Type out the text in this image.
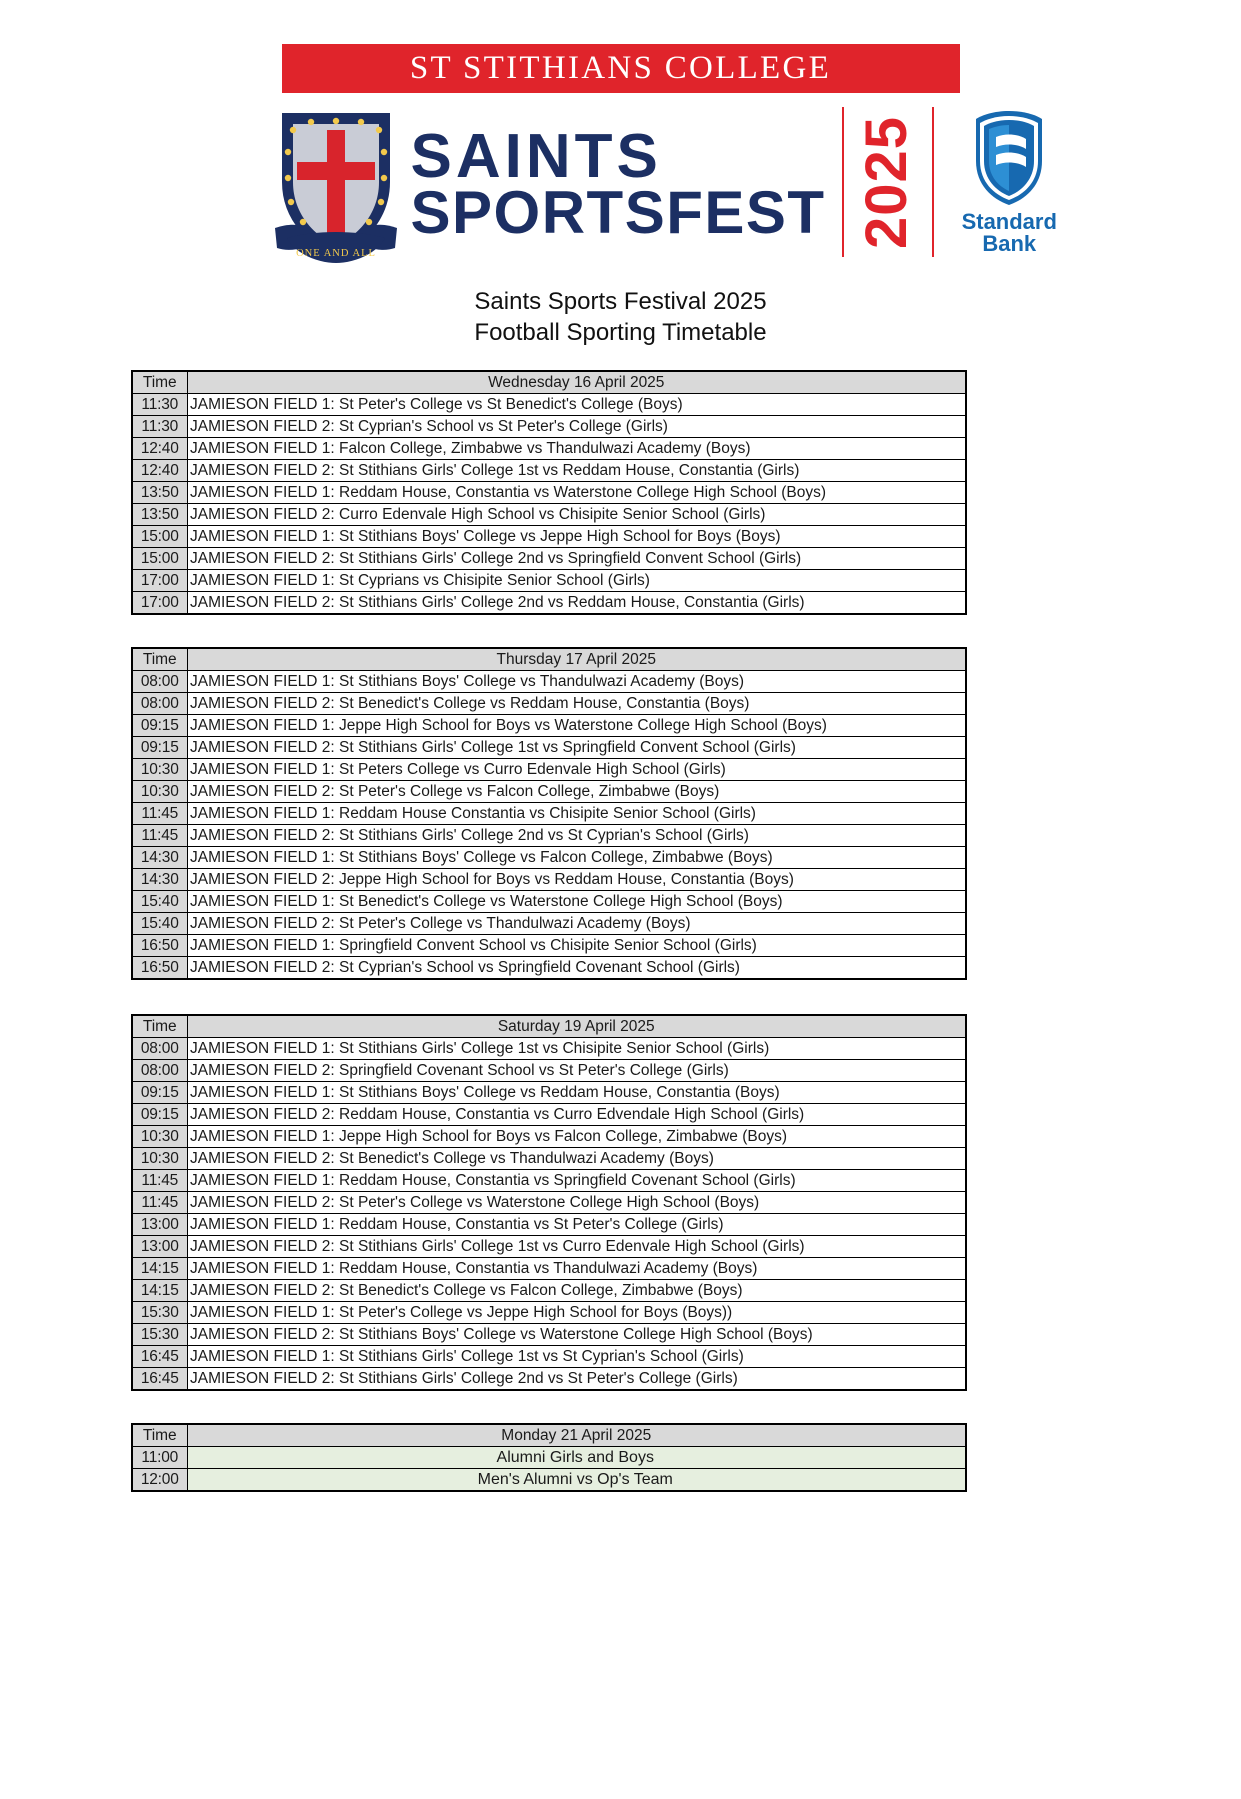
ST STITHIANS COLLEGE
ONE AND ALL
SAINTS
SPORTSFEST 2025 Standard
Bank
Saints Sports Festival 2025
Football Sporting Timetable
Time	Wednesday 16 April 2025
11:30	JAMIESON FIELD 1: St Peter's College vs St Benedict's College (Boys)
11:30	JAMIESON FIELD 2: St Cyprian's School vs St Peter's College (Girls)
12:40	JAMIESON FIELD 1: Falcon College, Zimbabwe vs Thandulwazi Academy (Boys)
12:40	JAMIESON FIELD 2: St Stithians Girls' College 1st vs Reddam House, Constantia (Girls)
13:50	JAMIESON FIELD 1: Reddam House, Constantia vs Waterstone College High School (Boys)
13:50	JAMIESON FIELD 2: Curro Edenvale High School vs Chisipite Senior School (Girls)
15:00	JAMIESON FIELD 1: St Stithians Boys' College vs Jeppe High School for Boys (Boys)
15:00	JAMIESON FIELD 2: St Stithians Girls' College 2nd vs Springfield Convent School (Girls)
17:00	JAMIESON FIELD 1: St Cyprians vs Chisipite Senior School (Girls)
17:00	JAMIESON FIELD 2: St Stithians Girls' College 2nd vs Reddam House, Constantia (Girls)
Time	Thursday 17 April 2025
08:00	JAMIESON FIELD 1: St Stithians Boys' College vs Thandulwazi Academy (Boys)
08:00	JAMIESON FIELD 2: St Benedict's College vs Reddam House, Constantia (Boys)
09:15	JAMIESON FIELD 1: Jeppe High School for Boys vs Waterstone College High School (Boys)
09:15	JAMIESON FIELD 2: St Stithians Girls' College 1st vs Springfield Convent School (Girls)
10:30	JAMIESON FIELD 1: St Peters College vs Curro Edenvale High School (Girls)
10:30	JAMIESON FIELD 2: St Peter's College vs Falcon College, Zimbabwe (Boys)
11:45	JAMIESON FIELD 1: Reddam House Constantia vs Chisipite Senior School (Girls)
11:45	JAMIESON FIELD 2: St Stithians Girls' College 2nd vs St Cyprian's School (Girls)
14:30	JAMIESON FIELD 1: St Stithians Boys' College vs Falcon College, Zimbabwe (Boys)
14:30	JAMIESON FIELD 2: Jeppe High School for Boys vs Reddam House, Constantia (Boys)
15:40	JAMIESON FIELD 1: St Benedict's College vs Waterstone College High School (Boys)
15:40	JAMIESON FIELD 2: St Peter's College vs Thandulwazi Academy (Boys)
16:50	JAMIESON FIELD 1: Springfield Convent School vs Chisipite Senior School (Girls)
16:50	JAMIESON FIELD 2: St Cyprian's School vs Springfield Covenant School (Girls)
Time	Saturday 19 April 2025
08:00	JAMIESON FIELD 1: St Stithians Girls' College 1st vs Chisipite Senior School (Girls)
08:00	JAMIESON FIELD 2: Springfield Covenant School vs St Peter's College (Girls)
09:15	JAMIESON FIELD 1: St Stithians Boys' College vs Reddam House, Constantia (Boys)
09:15	JAMIESON FIELD 2: Reddam House, Constantia vs Curro Edvendale High School (Girls)
10:30	JAMIESON FIELD 1: Jeppe High School for Boys vs Falcon College, Zimbabwe (Boys)
10:30	JAMIESON FIELD 2: St Benedict's College vs Thandulwazi Academy (Boys)
11:45	JAMIESON FIELD 1: Reddam House, Constantia vs Springfield Covenant School (Girls)
11:45	JAMIESON FIELD 2: St Peter's College vs Waterstone College High School (Boys)
13:00	JAMIESON FIELD 1: Reddam House, Constantia vs St Peter's College (Girls)
13:00	JAMIESON FIELD 2: St Stithians Girls' College 1st vs Curro Edenvale High School (Girls)
14:15	JAMIESON FIELD 1: Reddam House, Constantia vs Thandulwazi Academy (Boys)
14:15	JAMIESON FIELD 2: St Benedict's College vs Falcon College, Zimbabwe (Boys)
15:30	JAMIESON FIELD 1: St Peter's College vs Jeppe High School for Boys (Boys))
15:30	JAMIESON FIELD 2: St Stithians Boys' College vs Waterstone College High School (Boys)
16:45	JAMIESON FIELD 1: St Stithians Girls' College 1st vs St Cyprian's School (Girls)
16:45	JAMIESON FIELD 2: St Stithians Girls' College 2nd vs St Peter's College (Girls)
Time	Monday 21 April 2025
11:00	Alumni Girls and Boys
12:00	Men's Alumni vs Op's Team
